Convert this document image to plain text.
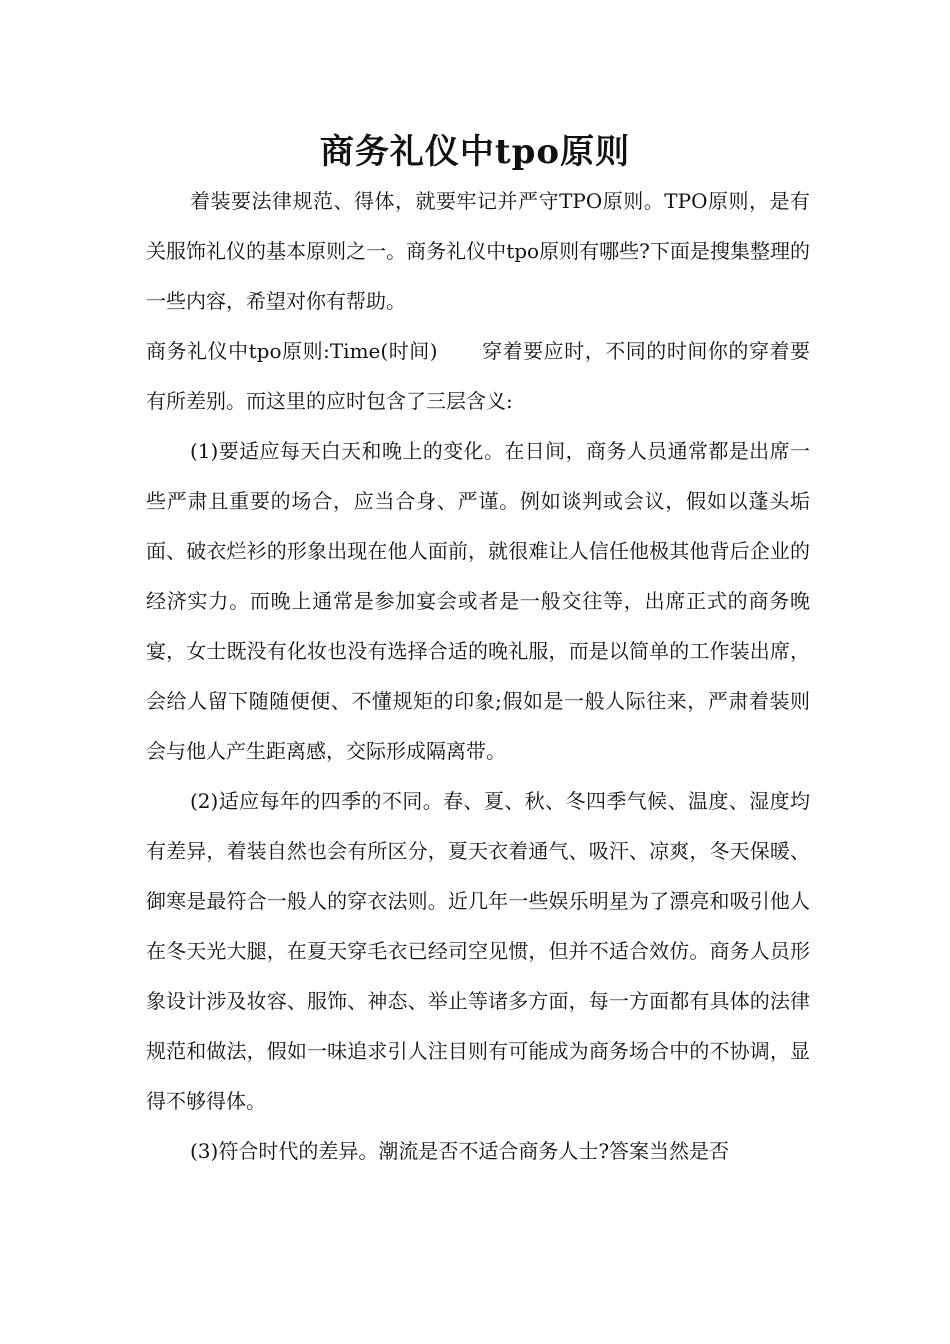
商务礼仪中tpo原则

着装要法律规范、得体，就要牢记并严守TPO原则。TPO原则，是有关服饰礼仪的基本原则之一。商务礼仪中tpo原则有哪些?下面是搜集整理的一些内容，希望对你有帮助。

商务礼仪中tpo原则:Time(时间) 穿着要应时，不同的时间你的穿着要有所差别。而这里的应时包含了三层含义:

(1)要适应每天白天和晚上的变化。在日间，商务人员通常都是出席一些严肃且重要的场合，应当合身、严谨。例如谈判或会议，假如以蓬头垢面、破衣烂衫的形象出现在他人面前，就很难让人信任他极其他背后企业的经济实力。而晚上通常是参加宴会或者是一般交往等，出席正式的商务晚宴，女士既没有化妆也没有选择合适的晚礼服，而是以简单的工作装出席，会给人留下随随便便、不懂规矩的印象;假如是一般人际往来，严肃着装则会与他人产生距离感，交际形成隔离带。

(2)适应每年的四季的不同。春、夏、秋、冬四季气候、温度、湿度均有差异，着装自然也会有所区分，夏天衣着通气、吸汗、凉爽，冬天保暖、御寒是最符合一般人的穿衣法则。近几年一些娱乐明星为了漂亮和吸引他人在冬天光大腿，在夏天穿毛衣已经司空见惯，但并不适合效仿。商务人员形象设计涉及妆容、服饰、神态、举止等诸多方面，每一方面都有具体的法律规范和做法，假如一味追求引人注目则有可能成为商务场合中的不协调，显得不够得体。

(3)符合时代的差异。潮流是否不适合商务人士?答案当然是否
